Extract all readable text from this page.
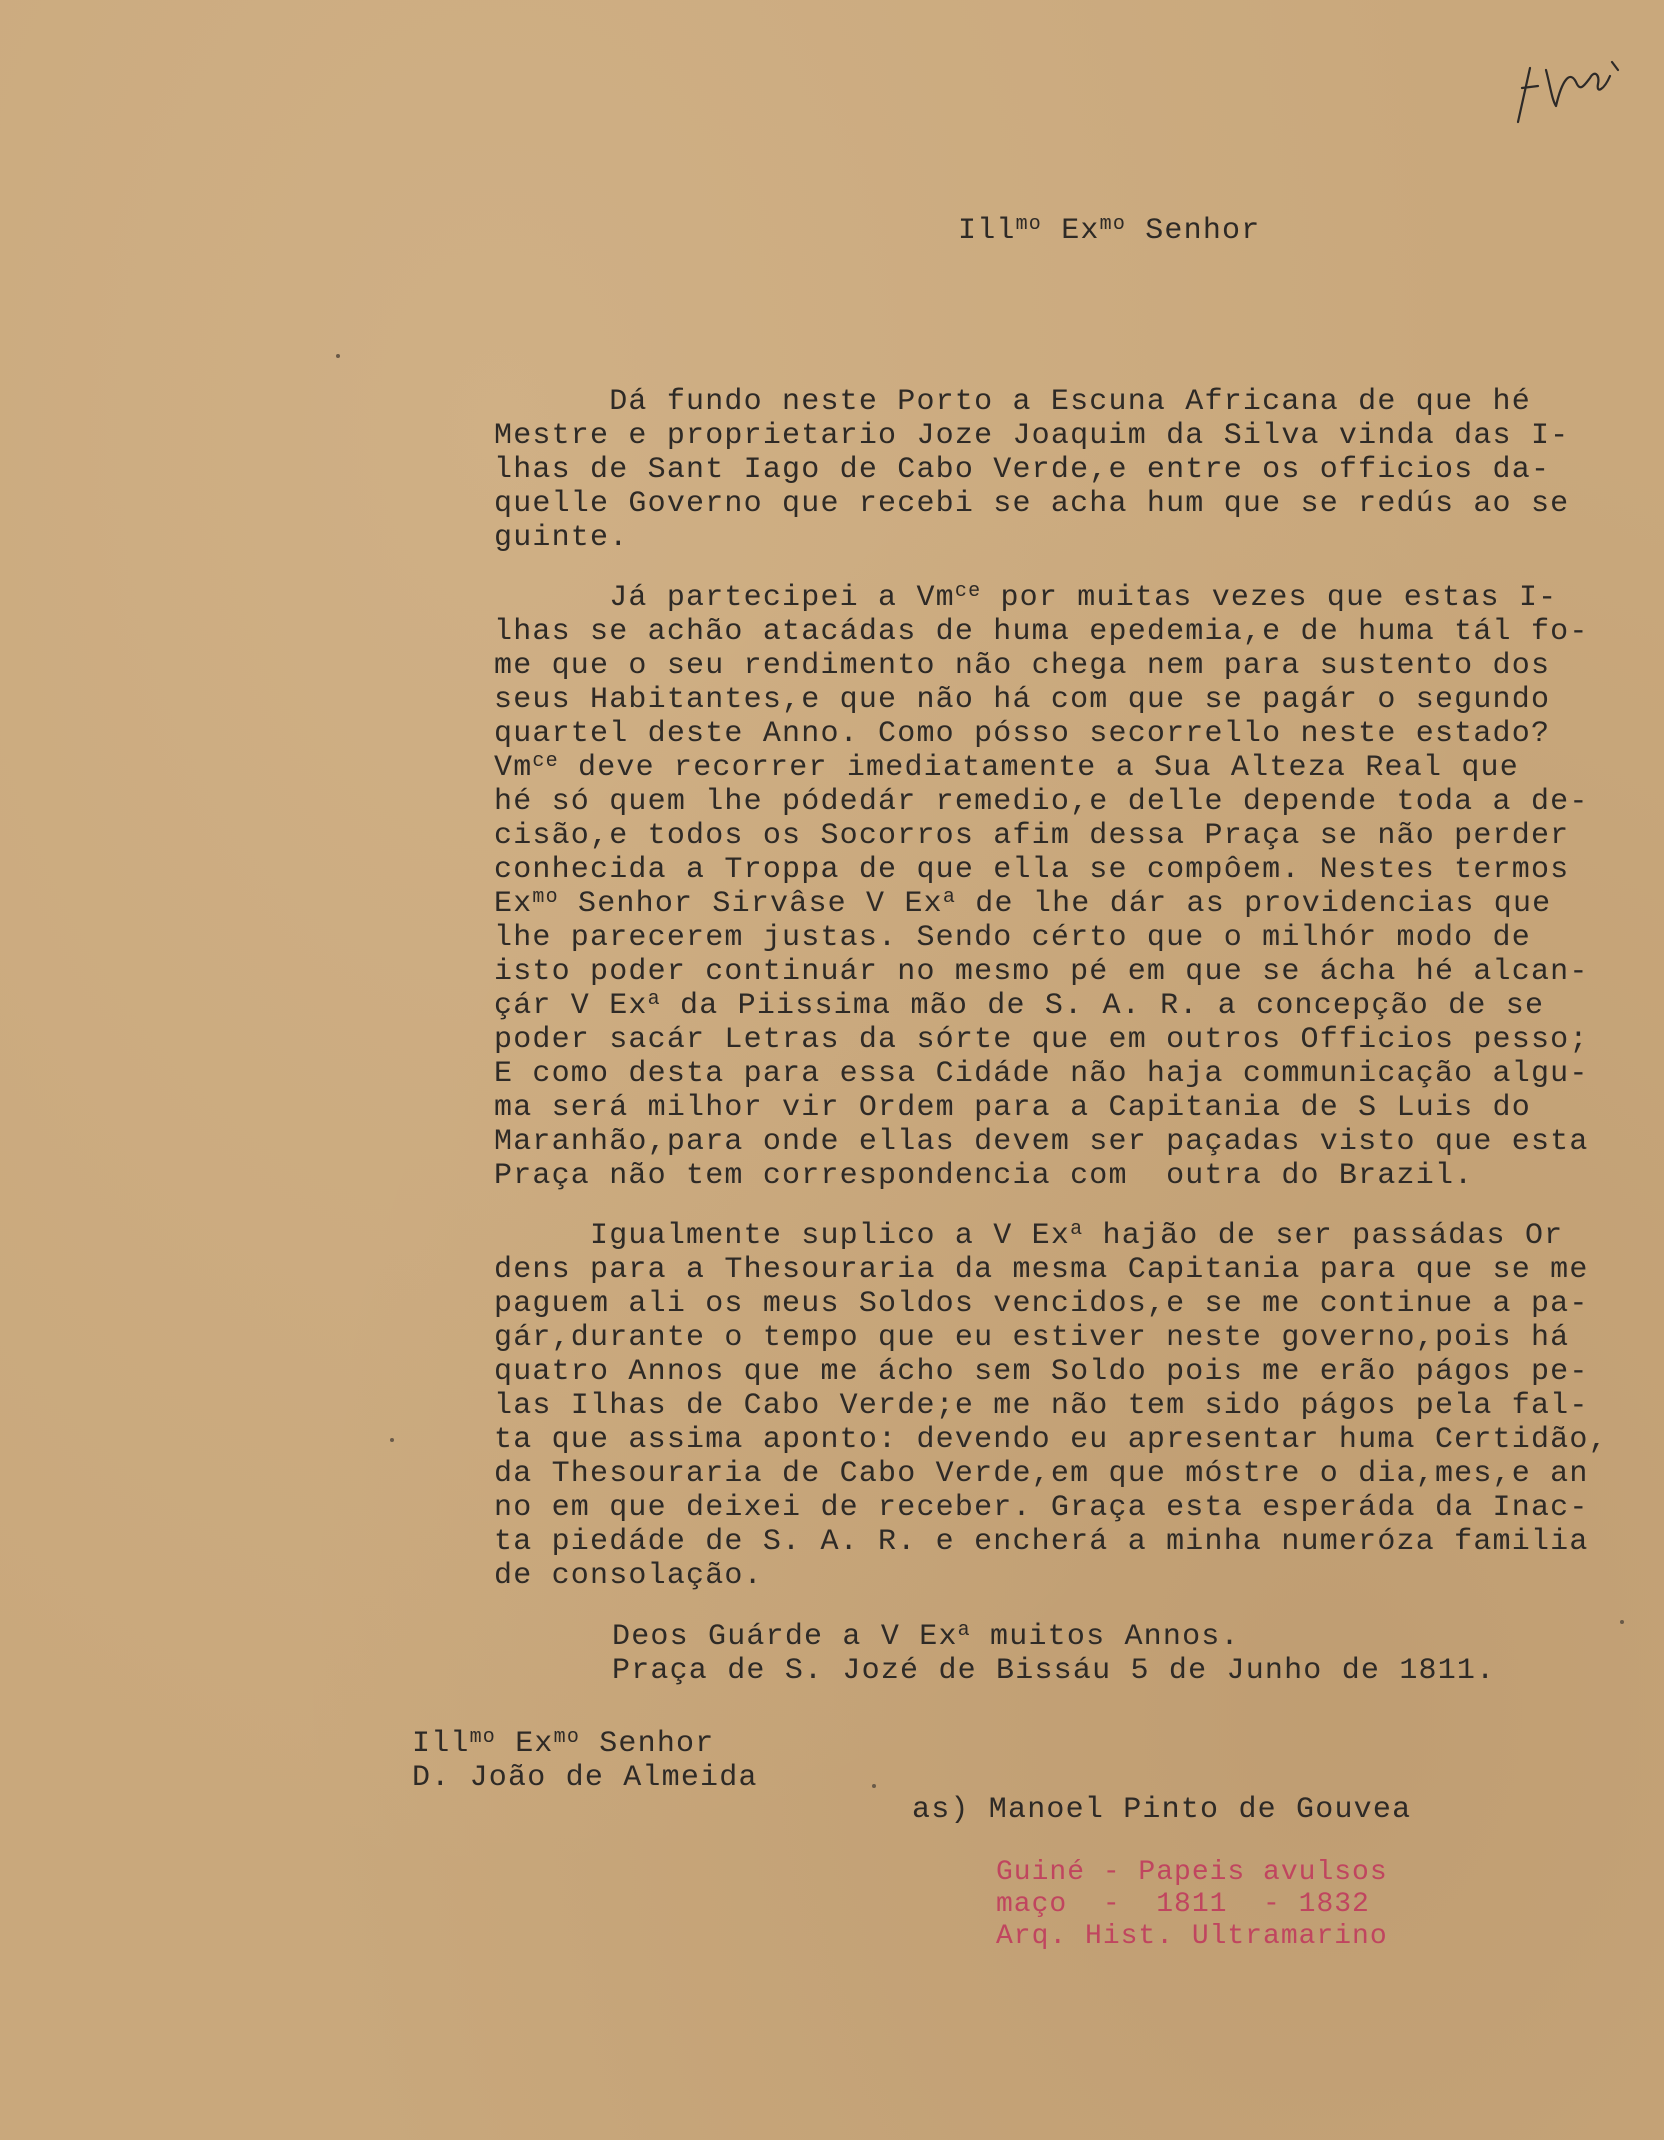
Ill$^{mo}$ $Ex^{mo}$ Senhor
Dá fundo neste Porto a Escuna Africana de que hé
Mestre e proprietario Joze Joaquim da Silva vinda das I-
lhas de Sant Iago de Cabo Verde,e entre os officios da-
quelle Governo que recebi se acha hum que se redús ao se
guinte.
Já partecipei a $Vm^{ce}$ por muitas vezes que estas I-
lhas se achão atacádas de huma epedemia,e de huma tál fo-
me que o seu rendimento não chega nem para sustento dos
seus Habitantes,e que não há com que se pagár o segundo
quartel deste Anno. Como pósso secorrello neste estado?
$Vm^{ce}$ deve recorrer imediatamente a Sua Alteza Real que
hé só quem lhe pódedár remedio,e delle depende toda a de-
cisão,e todos os Socorros afim dessa Praça se não perder
conhecida a Troppa de que ella se compôem. Nestes termos
$Ex^{mo}$ Senhor Sirvâse V Ex$^a$ de lhe dár as providencias que
lhe parecerem justas. Sendo cérto que o milhór modo de
isto poder continuár no mesmo pé em que se ácha hé alcan-
çár V Ex$^a$ da Piissima mão de S. A. R. a concepção de se
poder sacár Letras da sórte que em outros Officios pesso;
E como desta para essa Cidáde não haja communicação algu-
ma será milhor vir Ordem para a Capitania de S Luis do
Maranhão,para onde ellas devem ser paçadas visto que esta
Praça não tem correspondencia com  outra do Brazil.
Igualmente suplico a V Ex$^a$ hajão de ser passádas Or
dens para a Thesouraria da mesma Capitania para que se me
paguem ali os meus Soldos vencidos,e se me continue a pa-
gár,durante o tempo que eu estiver neste governo,pois há
quatro Annos que me ácho sem Soldo pois me erão págos pe-
las Ilhas de Cabo Verde;e me não tem sido págos pela fal-
ta que assima aponto: devendo eu apresentar huma Certidão,
da Thesouraria de Cabo Verde,em que móstre o dia,mes,e an
no em que deixei de receber. Graça esta esperáda da Inac-
ta piedáde de S. A. R. e encherá a minha numeróza familia
de consolação.
Deos Guárde a V Ex$^a$ muitos Annos.
Praça de S. Jozé de Bissáu 5 de Junho de 1811.
Ill$^{mo}$ $Ex^{mo}$ Senhor
D. João de Almeida
as) Manoel Pinto de Gouvea
Guiné - Papeis avulsos
maço  -  1811  - 1832
Arq. Hist. Ultramarino
